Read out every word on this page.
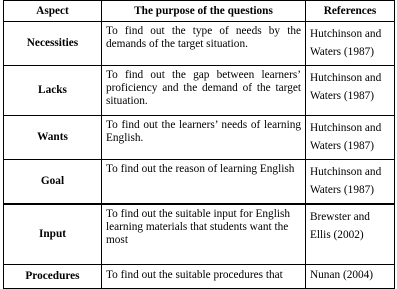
Aspect	The purpose of the questions	References
Necessities	To find out the type of needs by the demands of the target situation.	Hutchinson and
Waters (1987)

Lacks	To find out the gap between learners’ proficiency and the demand of the target situation.	Hutchinson and
Waters (1987)

Wants	To find out the learners’ needs of learning English.	Hutchinson and
Waters (1987)

Goal	To find out the reason of learning English	Hutchinson and
Waters (1987)

Input	To find out the suitable input for English learning materials that students want the most	Brewster and
Ellis (2002)

Procedures	To find out the suitable procedures that	Nunan (2004)
